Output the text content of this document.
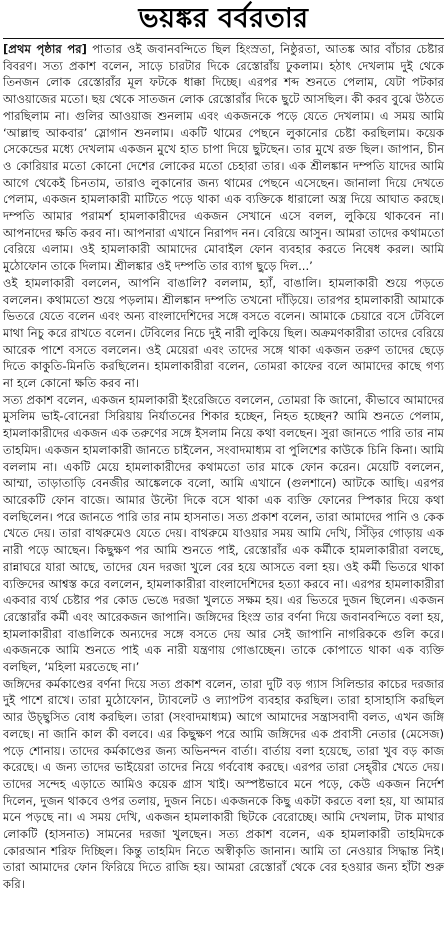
ভয়ঙ্কর বর্বরতার

[প্রথম পৃষ্ঠার পর] পাতার ওই জবানবন্দিতে ছিল হিংস্রতা, নিষ্ঠুরতা, আতঙ্ক আর বাঁচার চেষ্টার বিবরণ। সত্য প্রকাশ বলেন, সাড়ে চারটার দিকে রেস্তোরাঁয় ঢুকলাম। হঠাৎ দেখলাম দুই থেকে তিনজন লোক রেস্তোরাঁর মূল ফটকে ধাক্কা দিচ্ছে। এরপর শব্দ শুনতে পেলাম, যেটা পটকার আওয়াজের মতো। ছয় থেকে সাতজন লোক রেস্তোরাঁর দিকে ছুটে আসছিল। কী করব বুঝে উঠতে পারছিলাম না। গুলির আওয়াজ শুনলাম এবং একজনকে পড়ে যেতে দেখলাম। এ সময় আমি ‘আল্লাহু আকবার’ স্লোগান শুনলাম। একটি থামের পেছনে লুকানোর চেষ্টা করছিলাম। কয়েক সেকেন্ডের মধ্যে দেখলাম একজন মুখে হাত চাপা দিয়ে ছুটছেন। তার মুখে রক্ত ছিল। জাপান, চীন ও কোরিয়ার মতো কোনো দেশের লোকের মতো চেহারা তার। এক শ্রীলঙ্কান দম্পতি যাদের আমি আগে থেকেই চিনতাম, তারাও লুকানোর জন্য থামের পেছনে এসেছেন। জানালা দিয়ে দেখতে পেলাম, একজন হামলাকারী মাটিতে পড়ে থাকা এক ব্যক্তিকে ধারালো অস্ত্র দিয়ে আঘাত করছে। দম্পতি আমার পরামর্শ হামলাকারীদের একজন সেখানে এসে বলল, লুকিয়ে থাকবেন না। আপনাদের ক্ষতি করব না। আপনারা এখানে নিরাপদ নন। বেরিয়ে আসুন। আমরা তাদের কথামতো বেরিয়ে এলাম। ওই হামলাকারী আমাদের মোবাইল ফোন ব্যবহার করতে নিষেধ করল। আমি মুঠোফোন তাকে দিলাম। শ্রীলঙ্কার ওই দম্পতি তার ব্যাগ ছুড়ে দিল...’

ওই হামলাকারী বললেন, আপনি বাঙালি? বললাম, হ্যাঁ, বাঙালি। হামলাকারী শুয়ে পড়তে বললেন। কথামতো শুয়ে পড়লাম। শ্রীলঙ্কান দম্পতি তখনো দাঁড়িয়ে। তারপর হামলাকারী আমাকে ভিতরে যেতে বলেন এবং অন্য বাংলাদেশিদের সঙ্গে বসতে বলেন। আমাকে চেয়ারে বসে টেবিলে মাথা নিচু করে রাখতে বলেন। টেবিলের নিচে দুই নারী লুকিয়ে ছিল। অক্রমণকারীরা তাদের বেরিয়ে আরেক পাশে বসতে বললেন। ওই মেয়েরা এবং তাদের সঙ্গে থাকা একজন তরুণ তাদের ছেড়ে দিতে কাকুতি-মিনতি করছিলেন। হামলাকারীরা বলেন, তোমরা কাফের বলে আমাদের কাছে গণ্য না হলে কোনো ক্ষতি করব না।

সত্য প্রকাশ বলেন, একজন হামলাকারী ইংরেজিতে বললেন, তোমরা কি জানো, কীভাবে আমাদের মুসলিম ভাই-বোনেরা সিরিয়ায় নির্যাতনের শিকার হচ্ছেন, নিহত হচ্ছেন? আমি শুনতে পেলাম, হামলাকারীদের একজন এক তরুণের সঙ্গে ইসলাম নিয়ে কথা বলছেন। সুরা জানতে পারি তার নাম তাহমিদ। একজন হামলাকারী জানতে চাইলেন, সংবাদমাধ্যম বা পুলিশের কাউকে চিনি কিনা। আমি বললাম না। একটি মেয়ে হামলাকারীদের কথামতো তার মাকে ফোন করেন। মেয়েটি বললেন, আম্মা, তাড়াতাড়ি বেনজীর আঙ্কেলকে বলো, আমি এখানে (গুলশানে) আটকে আছি। এরপর আরেকটি ফোন বাজে। আমার উল্টো দিকে বসে থাকা এক ব্যক্তি ফোনের স্পিকার দিয়ে কথা বলছিলেন। পরে জানতে পারি তার নাম হাসনাত। সত্য প্রকাশ বলেন, তারা আমাদের পানি ও কেক খেতে দেয়। তারা বাথরুমেও যেতে দেয়। বাথরুমে যাওয়ার সময় আমি দেখি, সিঁড়ির গোড়ায় এক নারী পড়ে আছেন। কিছুক্ষণ পর আমি শুনতে পাই, রেস্তোরাঁর এক কর্মীকে হামলাকারীরা বলছে, রান্নাঘরে যারা আছে, তাদের যেন দরজা খুলে বের হয়ে আসতে বলা হয়। ওই কর্মী ভিতরে থাকা ব্যক্তিদের আশ্বস্ত করে বললেন, হামলাকারীরা বাংলাদেশিদের হত্যা করবে না। এরপর হামলাকারীরা একবার ব্যর্থ চেষ্টার পর কোড ভেঙে দরজা খুলতে সক্ষম হয়। এর ভিতরে দুজন ছিলেন। একজন রেস্তোরাঁর কর্মী এবং আরেকজন জাপানি। জঙ্গিদের হিংস্র তার বর্ণনা দিয়ে জবানবন্দিতে বলা হয়, হামলাকারীরা বাঙালিকে অন্যদের সঙ্গে বসতে দেয় আর সেই জাপানি নাগরিককে গুলি করে। একজনকে আমি শুনতে পাই এক নারী যন্ত্রণায় গোঙাচ্ছেন। তাকে কোপাতে থাকা এক ব্যক্তি বলছিল, ‘মহিলা মরতেছে না।’

জঙ্গিদের কর্মকাণ্ডের বর্ণনা দিয়ে সত্য প্রকাশ বলেন, তারা দুটি বড় গ্যাস সিলিন্ডার কাচের দরজার দুই পাশে রাখে। তারা মুঠোফোন, ট্যাবলেট ও ল্যাপটপ ব্যবহার করছিল। তারা হাসাহাসি করছিল আর উচ্ছ্বসিত বোধ করছিল। তারা (সংবাদমাধ্যম) আগে আমাদের সন্ত্রাসবাদী বলত, এখন জঙ্গি বলছে। না জানি কাল কী বলবে। এর কিছুক্ষণ পরে আমি জঙ্গিদের এক প্রবাসী নেতার (মেসেজ) পড়ে শোনায়। তাদের কর্মকাণ্ডের জন্য অভিনন্দন বার্তা। বার্তায় বলা হয়েছে, তারা খুব বড় কাজ করেছে। এ জন্য তাদের ভাইয়েরা তাদের নিয়ে গর্ববোধ করছে। এরপর তারা সেহ্‌রীর খেতে দেয়। তাদের সন্দেহ এড়াতে আমিও কয়েক গ্রাস খাই। অস্পষ্টভাবে মনে পড়ে, কেউ একজন নির্দেশ দিলেন, দুজন থাকবে ওপর তলায়, দুজন নিচে। একজনকে কিছু একটা করতে বলা হয়, যা আমার মনে পড়ছে না। এ সময় দেখি, একজন হামলাকারী ছিটকে বেরোচ্ছে। আমি দেখলাম, টাক মাথার লোকটি (হাসনাত) সামনের দরজা খুলছেন। সত্য প্রকাশ বলেন, এক হামলাকারী তাহমিদকে কোরআন শরিফ দিচ্ছিল। কিন্তু তাহমিদ নিতে অস্বীকৃতি জানান। আমি তা নেওয়ার সিদ্ধান্ত নিই। তারা আমাদের ফোন ফিরিয়ে দিতে রাজি হয়। আমরা রেস্তোরাঁ থেকে বের হওয়ার জন্য হাঁটা শুরু করি।
